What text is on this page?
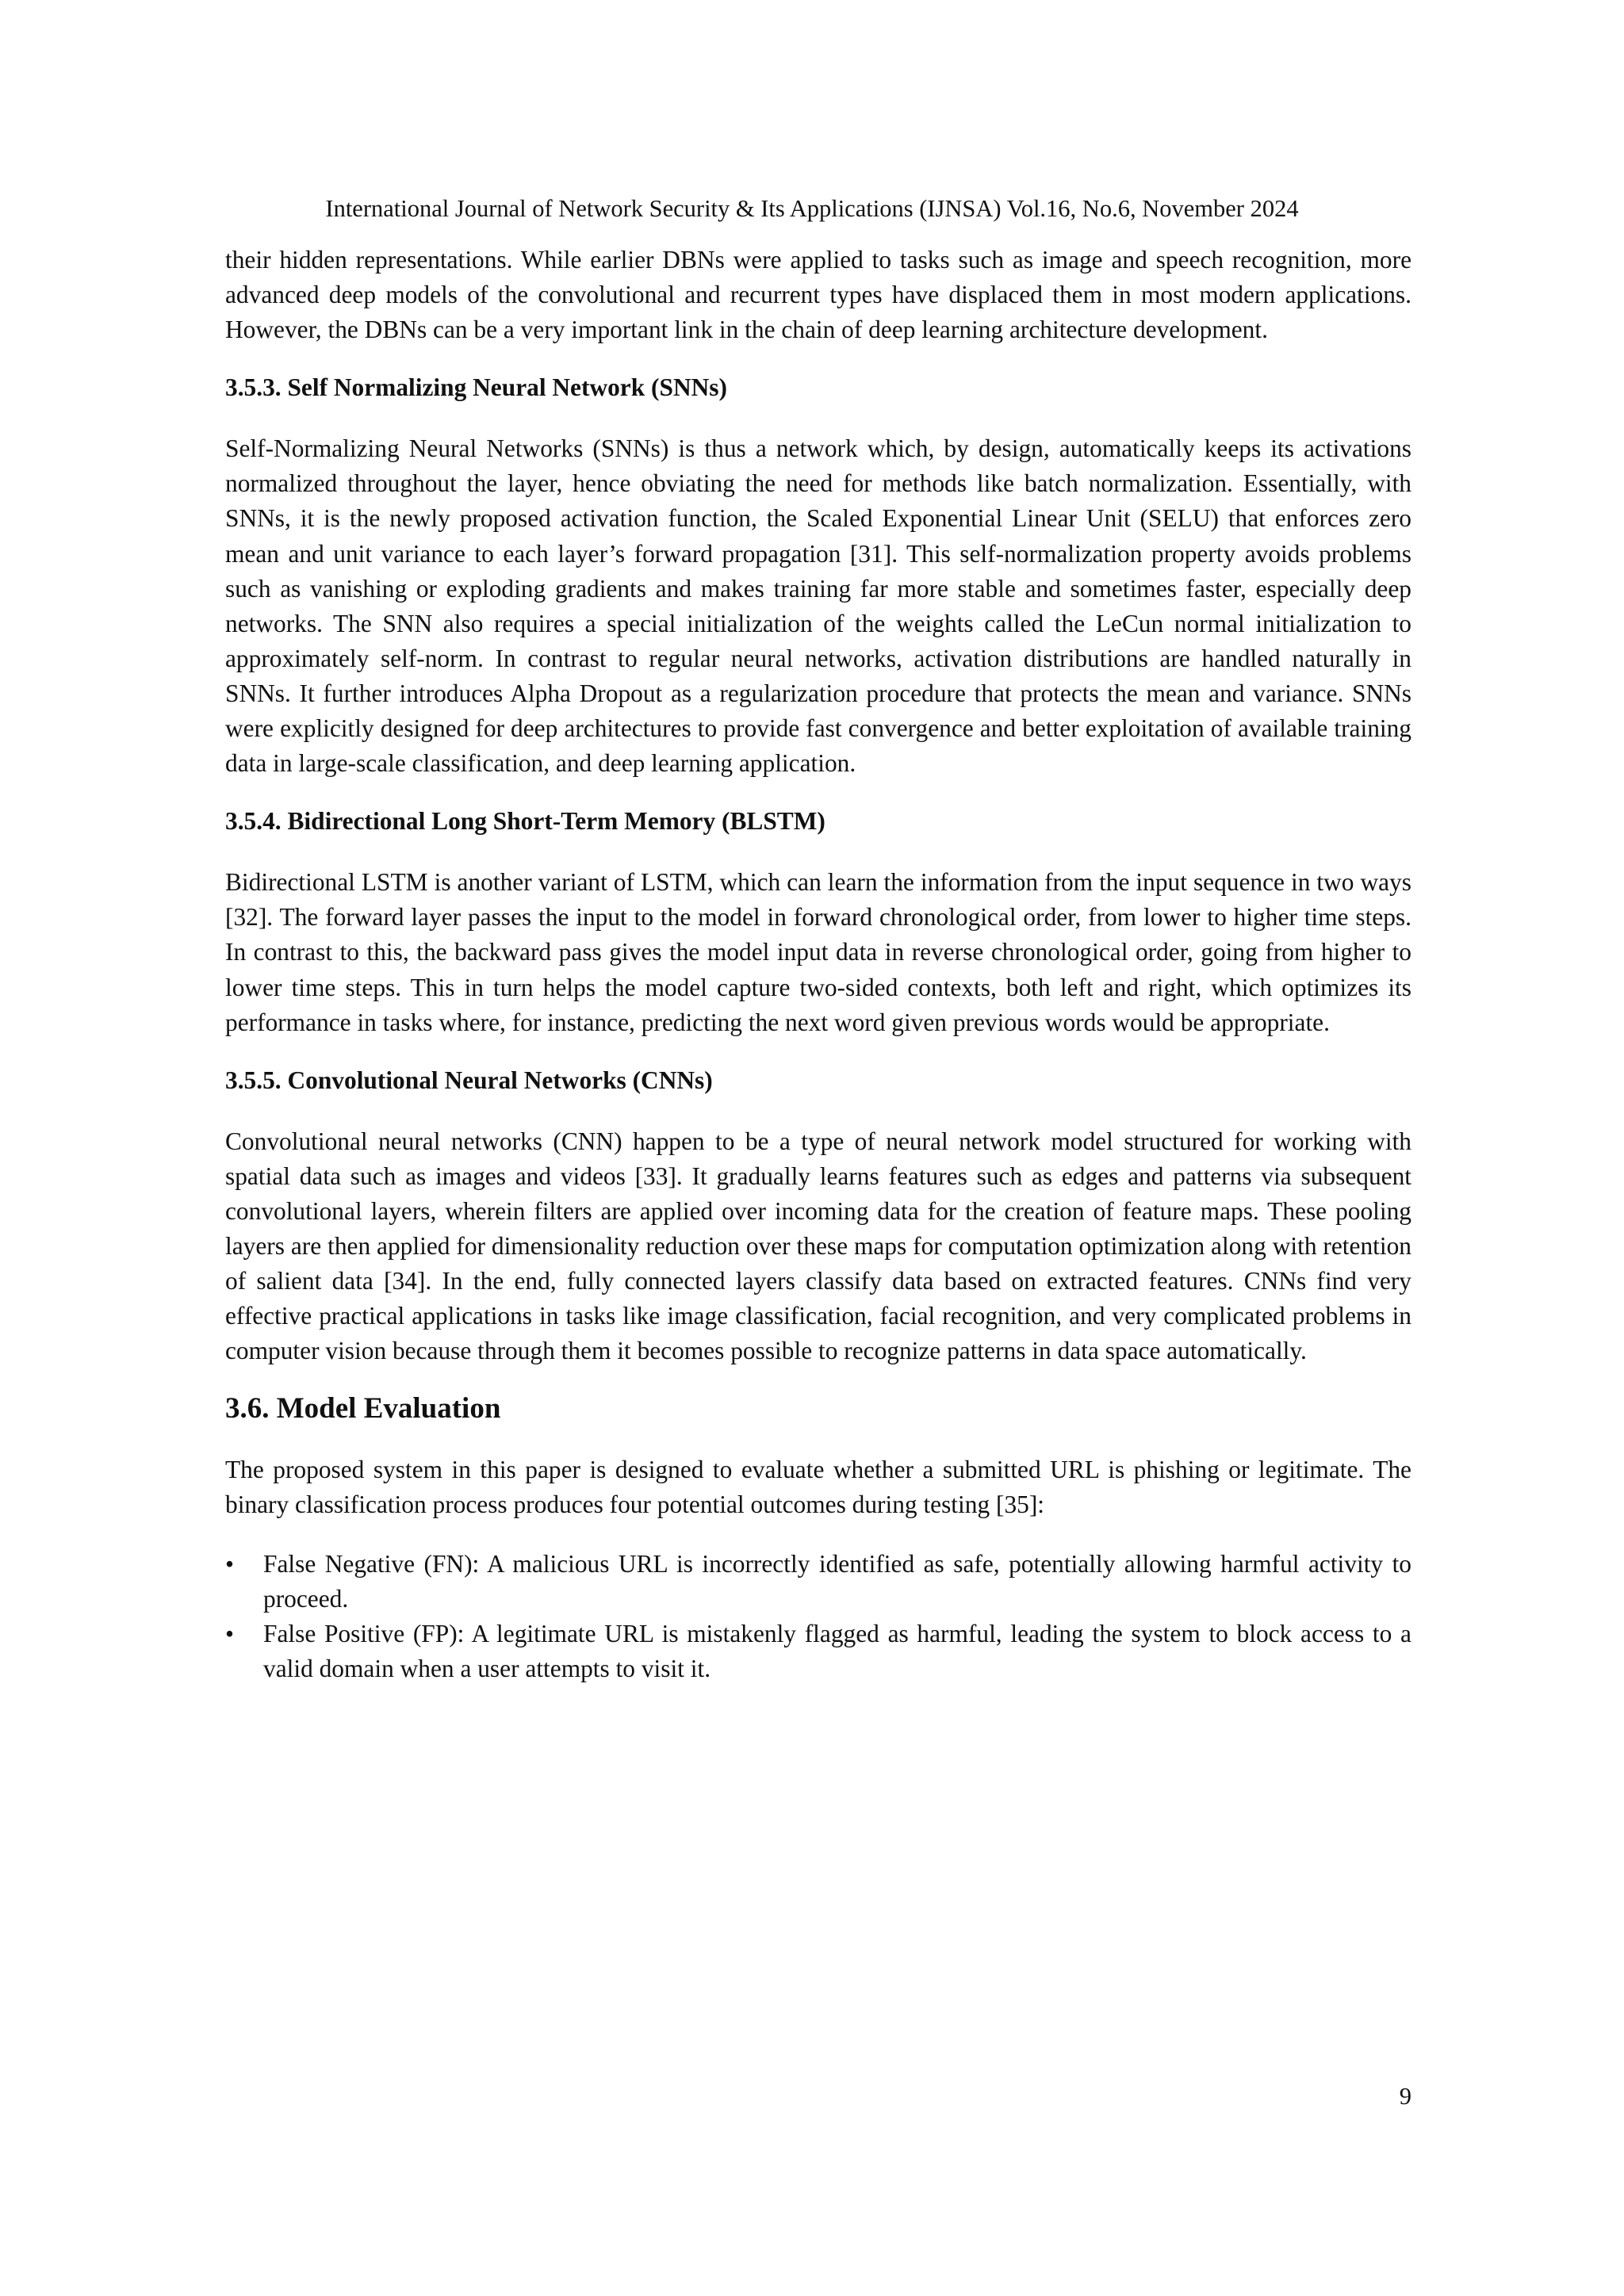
International Journal of Network Security & Its Applications (IJNSA) Vol.16, No.6, November 2024

their hidden representations. While earlier DBNs were applied to tasks such as image and speech recognition, more advanced deep models of the convolutional and recurrent types have displaced them in most modern applications. However, the DBNs can be a very important link in the chain of deep learning architecture development.

3.5.3. Self Normalizing Neural Network (SNNs)

Self-Normalizing Neural Networks (SNNs) is thus a network which, by design, automatically keeps its activations normalized throughout the layer, hence obviating the need for methods like batch normalization. Essentially, with SNNs, it is the newly proposed activation function, the Scaled Exponential Linear Unit (SELU) that enforces zero mean and unit variance to each layer’s forward propagation [31]. This self-normalization property avoids problems such as vanishing or exploding gradients and makes training far more stable and sometimes faster, especially deep networks. The SNN also requires a special initialization of the weights called the LeCun normal initialization to approximately self-norm. In contrast to regular neural networks, activation distributions are handled naturally in SNNs. It further introduces Alpha Dropout as a regularization procedure that protects the mean and variance. SNNs were explicitly designed for deep architectures to provide fast convergence and better exploitation of available training data in large-scale classification, and deep learning application.

3.5.4. Bidirectional Long Short-Term Memory (BLSTM)

Bidirectional LSTM is another variant of LSTM, which can learn the information from the input sequence in two ways [32]. The forward layer passes the input to the model in forward chronological order, from lower to higher time steps. In contrast to this, the backward pass gives the model input data in reverse chronological order, going from higher to lower time steps. This in turn helps the model capture two-sided contexts, both left and right, which optimizes its performance in tasks where, for instance, predicting the next word given previous words would be appropriate.

3.5.5. Convolutional Neural Networks (CNNs)

Convolutional neural networks (CNN) happen to be a type of neural network model structured for working with spatial data such as images and videos [33]. It gradually learns features such as edges and patterns via subsequent convolutional layers, wherein filters are applied over incoming data for the creation of feature maps. These pooling layers are then applied for dimensionality reduction over these maps for computation optimization along with retention of salient data [34]. In the end, fully connected layers classify data based on extracted features. CNNs find very effective practical applications in tasks like image classification, facial recognition, and very complicated problems in computer vision because through them it becomes possible to recognize patterns in data space automatically.

3.6. Model Evaluation

The proposed system in this paper is designed to evaluate whether a submitted URL is phishing or legitimate. The binary classification process produces four potential outcomes during testing [35]:

• False Negative (FN): A malicious URL is incorrectly identified as safe, potentially allowing harmful activity to proceed.
• False Positive (FP): A legitimate URL is mistakenly flagged as harmful, leading the system to block access to a valid domain when a user attempts to visit it.
9
